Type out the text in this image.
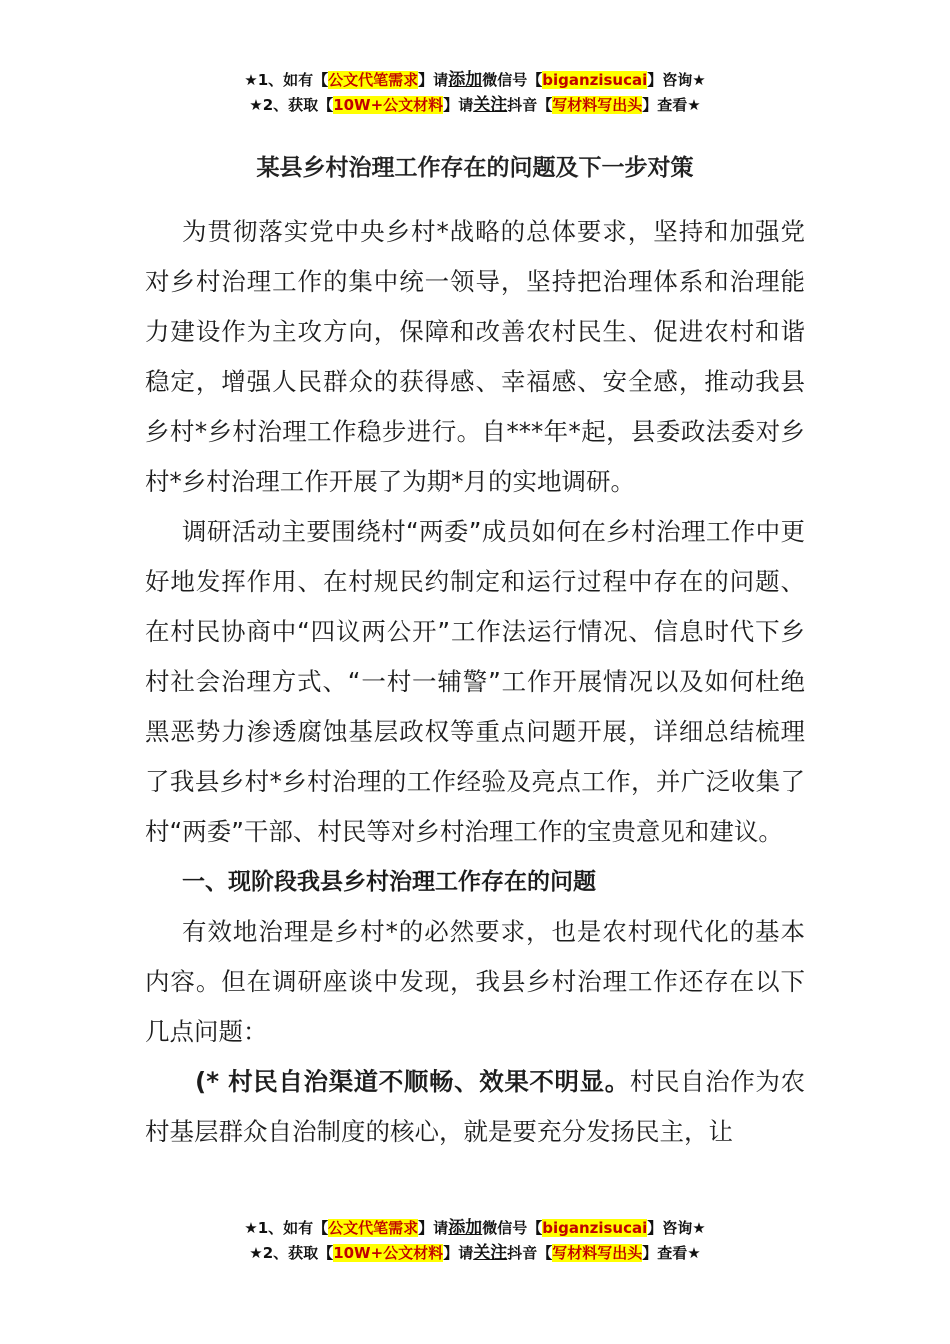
★1、如有【公文代笔需求】请添加微信号【biganzisucai】咨询★
★2、获取【10W+公文材料】请关注抖音【写材料写出头】查看★
某县乡村治理工作存在的问题及下一步对策

为贯彻落实党中央乡村*战略的总体要求，坚持和加强党对乡村治理工作的集中统一领导，坚持把治理体系和治理能力建设作为主攻方向，保障和改善农村民生、促进农村和谐稳定，增强人民群众的获得感、幸福感、安全感，推动我县乡村*乡村治理工作稳步进行。自***年*起，县委政法委对乡村*乡村治理工作开展了为期*月的实地调研。

调研活动主要围绕村“两委”成员如何在乡村治理工作中更好地发挥作用、在村规民约制定和运行过程中存在的问题、在村民协商中“四议两公开”工作法运行情况、信息时代下乡村社会治理方式、“一村一辅警”工作开展情况以及如何杜绝黑恶势力渗透腐蚀基层政权等重点问题开展，详细总结梳理了我县乡村*乡村治理的工作经验及亮点工作，并广泛收集了村“两委”干部、村民等对乡村治理工作的宝贵意见和建议。

一、现阶段我县乡村治理工作存在的问题

有效地治理是乡村*的必然要求，也是农村现代化的基本内容。但在调研座谈中发现，我县乡村治理工作还存在以下几点问题：

(* 村民自治渠道不顺畅、效果不明显。村民自治作为农村基层群众自治制度的核心，就是要充分发扬民主，让

★1、如有【公文代笔需求】请添加微信号【biganzisucai】咨询★
★2、获取【10W+公文材料】请关注抖音【写材料写出头】查看★
